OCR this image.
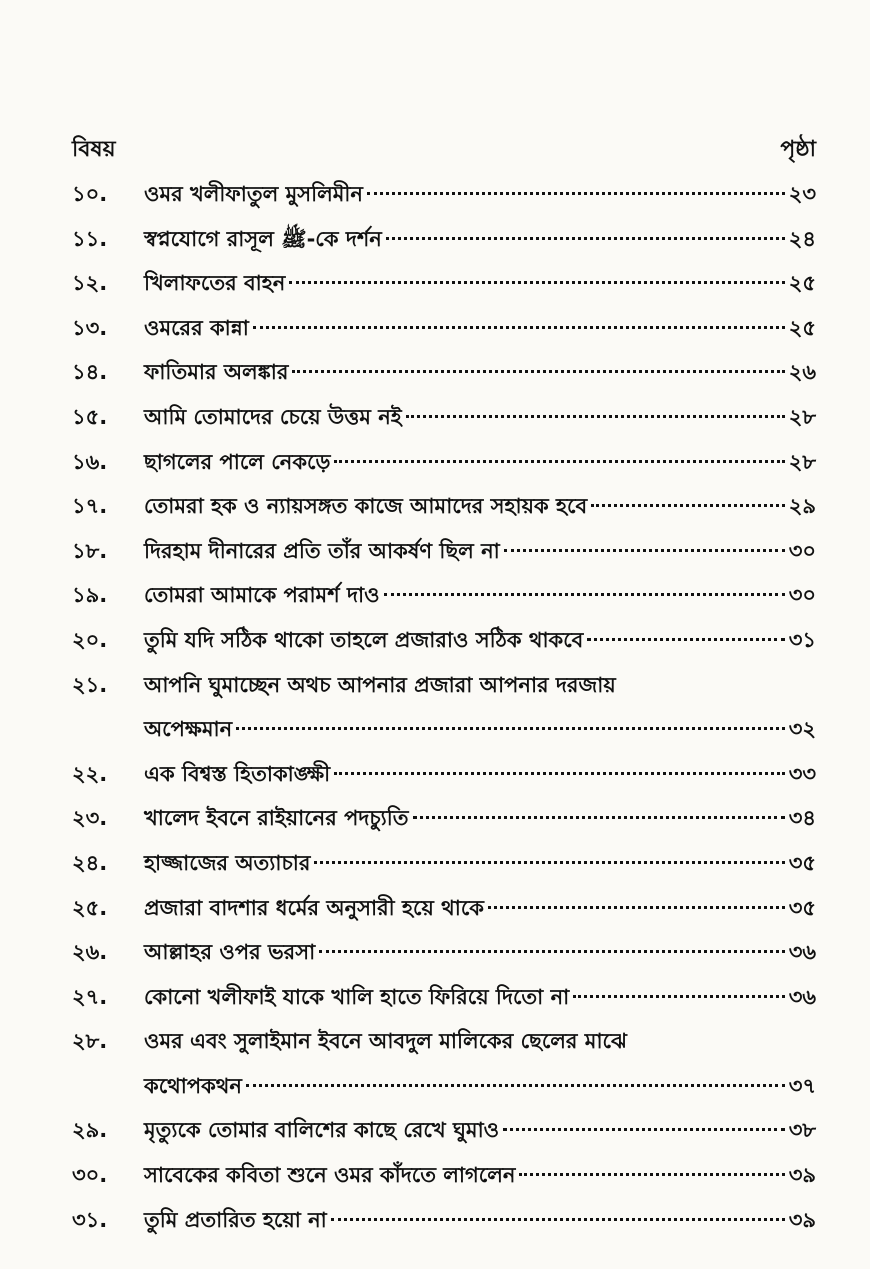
বিষয়	পৃষ্ঠা
১০.	ওমর খলীফাতুল মুসলিমীন	২৩
১১.	স্বপ্নযোগে রাসূল ﷺ-কে দর্শন	২৪
১২.	খিলাফতের বাহন	২৫
১৩.	ওমরের কান্না	২৫
১৪.	ফাতিমার অলঙ্কার	২৬
১৫.	আমি তোমাদের চেয়ে উত্তম নই	২৮
১৬.	ছাগলের পালে নেকড়ে	২৮
১৭.	তোমরা হক ও ন্যায়সঙ্গত কাজে আমাদের সহায়ক হবে	২৯
১৮.	দিরহাম দীনারের প্রতি তাঁর আকর্ষণ ছিল না	৩০
১৯.	তোমরা আমাকে পরামর্শ দাও	৩০
২০.	তুমি যদি সঠিক থাকো তাহলে প্রজারাও সঠিক থাকবে	৩১
২১.	আপনি ঘুমাচ্ছেন অথচ আপনার প্রজারা আপনার দরজায়
অপেক্ষমান	৩২
২২.	এক বিশ্বস্ত হিতাকাঙ্ক্ষী	৩৩
২৩.	খালেদ ইবনে রাইয়ানের পদচ্যুতি	৩৪
২৪.	হাজ্জাজের অত্যাচার	৩৫
২৫.	প্রজারা বাদশার ধর্মের অনুসারী হয়ে থাকে	৩৫
২৬.	আল্লাহর ওপর ভরসা	৩৬
২৭.	কোনো খলীফাই যাকে খালি হাতে ফিরিয়ে দিতো না	৩৬
২৮.	ওমর এবং সুলাইমান ইবনে আবদুল মালিকের ছেলের মাঝে
কথোপকথন	৩৭
২৯.	মৃত্যুকে তোমার বালিশের কাছে রেখে ঘুমাও	৩৮
৩০.	সাবেকের কবিতা শুনে ওমর কাঁদতে লাগলেন	৩৯
৩১.	তুমি প্রতারিত হয়ো না	৩৯
